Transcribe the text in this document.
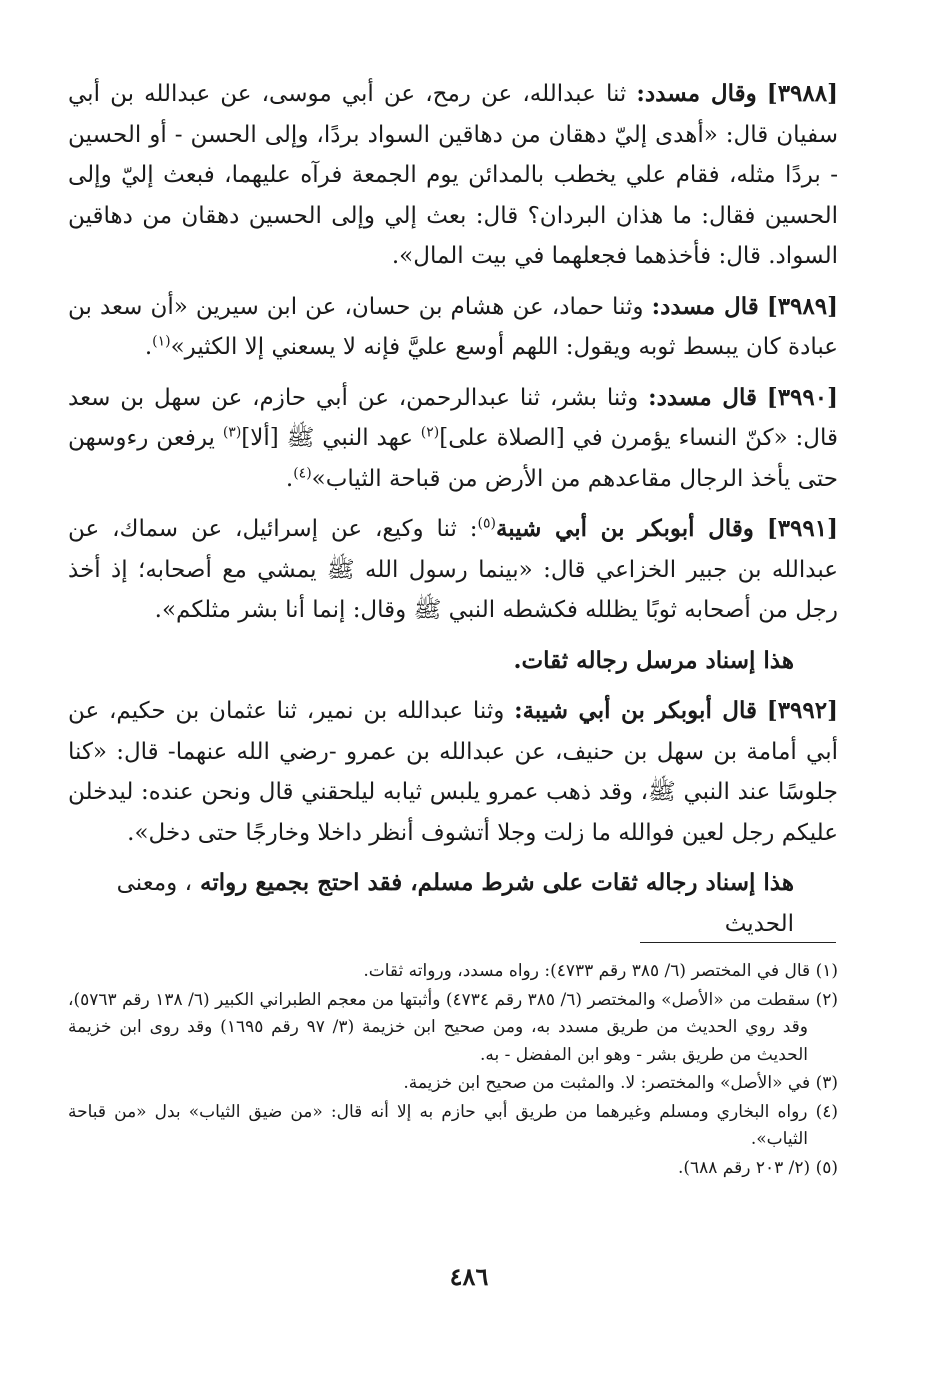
[٣٩٨٨] وقال مسدد: ثنا عبدالله، عن رمح، عن أبي موسى، عن عبدالله بن أبي سفيان قال: «أهدى إليّ دهقان من دهاقين السواد بردًا، وإلى الحسن - أو الحسين - بردًا مثله، فقام علي يخطب بالمدائن يوم الجمعة فرآه عليهما، فبعث إليّ وإلى الحسين فقال: ما هذان البردان؟ قال: بعث إلي وإلى الحسين دهقان من دهاقين السواد. قال: فأخذهما فجعلهما في بيت المال».

[٣٩٨٩] قال مسدد: وثنا حماد، عن هشام بن حسان، عن ابن سيرين «أن سعد بن عبادة كان يبسط ثوبه ويقول: اللهم أوسع عليَّ فإنه لا يسعني إلا الكثير»$^{(١)}$.

[٣٩٩٠] قال مسدد: وثنا بشر، ثنا عبدالرحمن، عن أبي حازم، عن سهل بن سعد قال: «كنّ النساء يؤمرن في [الصلاة على]$^{(٢)}$ عهد النبي ﷺ [ألا]$^{(٣)}$ يرفعن رءوسهن حتى يأخذ الرجال مقاعدهم من الأرض من قباحة الثياب»$^{(٤)}$.

[٣٩٩١] وقال أبوبكر بن أبي شيبة$^{(٥)}$: ثنا وكيع، عن إسرائيل، عن سماك، عن عبدالله بن جبير الخزاعي قال: «بينما رسول الله ﷺ يمشي مع أصحابه؛ إذ أخذ رجل من أصحابه ثوبًا يظلله فكشطه النبي ﷺ وقال: إنما أنا بشر مثلكم».

هذا إسناد مرسل رجاله ثقات.

[٣٩٩٢] قال أبوبكر بن أبي شيبة: وثنا عبدالله بن نمير، ثنا عثمان بن حكيم، عن أبي أمامة بن سهل بن حنيف، عن عبدالله بن عمرو -رضي الله عنهما- قال: «كنا جلوسًا عند النبي ﷺ، وقد ذهب عمرو يلبس ثيابه ليلحقني قال ونحن عنده: ليدخلن عليكم رجل لعين فوالله ما زلت وجلا أتشوف أنظر داخلا وخارجًا حتى دخل».

هذا إسناد رجاله ثقات على شرط مسلم، فقد احتج بجميع رواته ، ومعنى الحديث

(١) قال في المختصر (٦/ ٣٨٥ رقم ٤٧٣٣): رواه مسدد، ورواته ثقات.

(٢) سقطت من «الأصل» والمختصر (٦/ ٣٨٥ رقم ٤٧٣٤) وأثبتها من معجم الطبراني الكبير (٦/ ١٣٨ رقم ٥٧٦٣)، وقد روي الحديث من طريق مسدد به، ومن صحيح ابن خزيمة (٣/ ٩٧ رقم ١٦٩٥) وقد روى ابن خزيمة الحديث من طريق بشر - وهو ابن المفضل - به.

(٣) في «الأصل» والمختصر: لا. والمثبت من صحيح ابن خزيمة.

(٤) رواه البخاري ومسلم وغيرهما من طريق أبي حازم به إلا أنه قال: «من ضيق الثياب» بدل «من قباحة الثياب».

(٥) (٢/ ٢٠٣ رقم ٦٨٨).

٤٨٦
